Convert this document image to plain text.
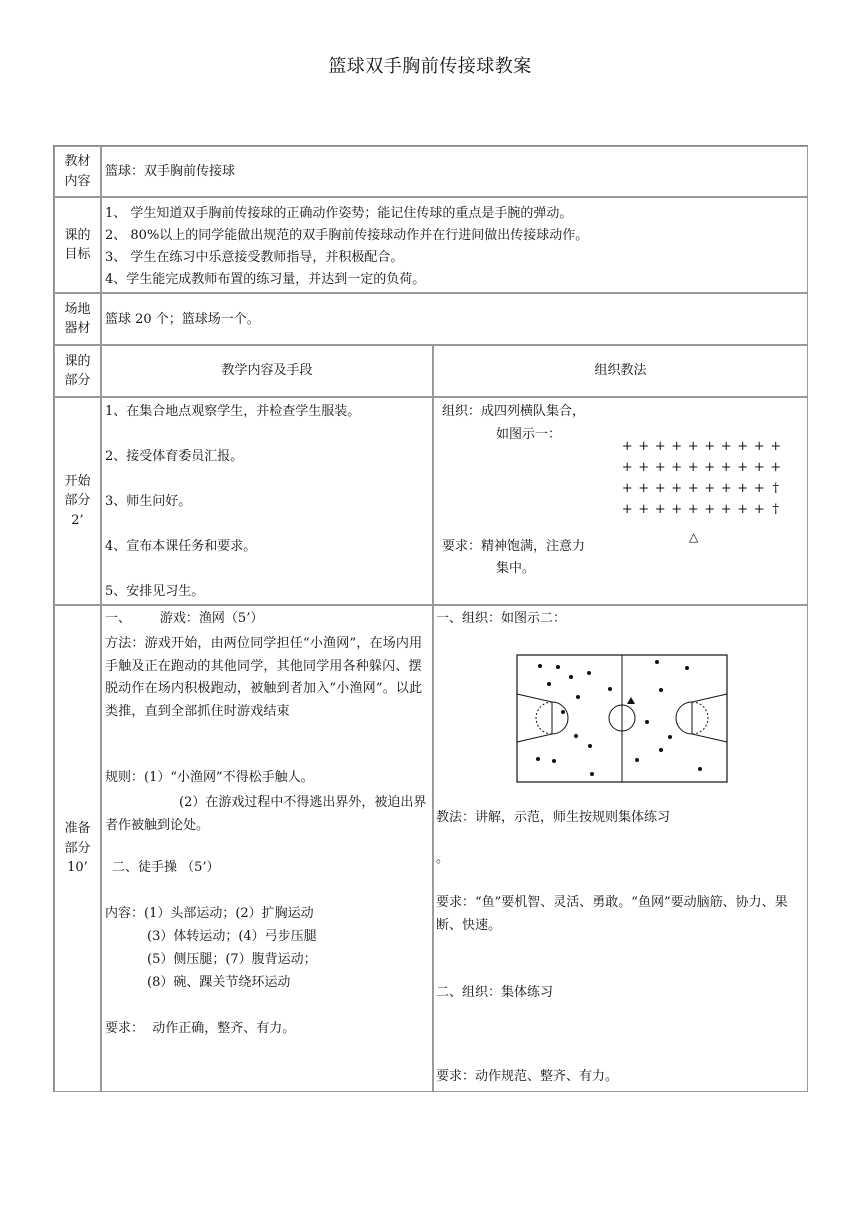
篮球双手胸前传接球教案
教材
内容
篮球：双手胸前传接球
课的
目标
1、 学生知道双手胸前传接球的正确动作姿势；能记住传球的重点是手腕的弹动。
2、 80%以上的同学能做出规范的双手胸前传接球动作并在行进间做出传接球动作。
3、 学生在练习中乐意接受教师指导，并积极配合。
4、学生能完成教师布置的练习量，并达到一定的负荷。
场地
器材
篮球 20 个；篮球场一个。
课的
部分
教学内容及手段	组织教法
开始
部分
2’
1、在集合地点观察学生，并检查学生服装。
2、接受体育委员汇报。
3、师生问好。
4、宣布本课任务和要求。
5、安排见习生。
组织：成四列横队集合，
如图示一：
+ + + + + + + + + +
+ + + + + + + + + +
+ + + + + + + + + †
+ + + + + + + + + †
△
要求：精神饱满，注意力
集中。
准备
部分
10’
一、       游戏：渔网（5’）
方法：游戏开始，由两位同学担任“小渔网”，在场内用手触及正在跑动的其他同学，其他同学用各种躲闪、摆脱动作在场内积极跑动，被触到者加入“小渔网”。以此类推，直到全部抓住时游戏结束
规则：(1）“小渔网”不得松手触人。
(2）在游戏过程中不得逃出界外，被迫出界者作被触到论处。
二、徒手操 （5’）
内容：(1）头部运动；(2）扩胸运动
(3）体转运动；(4）弓步压腿
(5）侧压腿；(7）腹背运动；
(8）碗、踝关节绕环运动
要求：  动作正确，整齐、有力。
一、组织：如图示二：
教法：讲解，示范，师生按规则集体练习
。
要求：“鱼”要机智、灵活、勇敢。“鱼网”要动脑筋、协力、果断、快速。
二、组织：集体练习
要求：动作规范、整齐、有力。
